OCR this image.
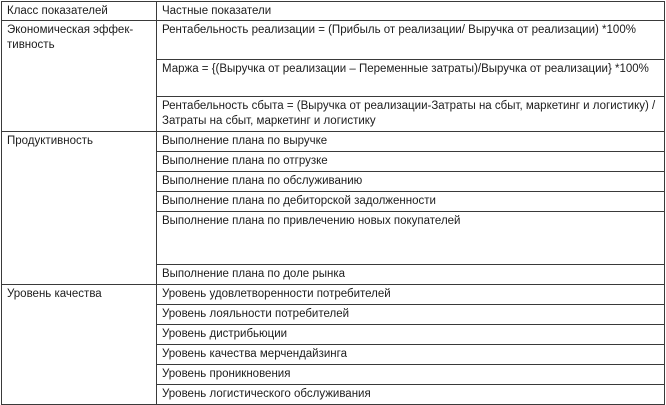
Класс показателей	Частные показатели
Экономическая эффективность	Рентабельность реализации = (Прибыль от реализации/ Выручка от реализации) *100%
	Маржа = {(Выручка от реализации – Переменные затраты)/Выручка от реализации} *100%
	Рентабельность сбыта = (Выручка от реализации-Затраты на сбыт, маркетинг и логистику) / Затраты на сбыт, маркетинг и логистику
Продуктивность	Выполнение плана по выручке
	Выполнение плана по отгрузке
	Выполнение плана по обслуживанию
	Выполнение плана по дебиторской задолженности
	Выполнение плана по привлечению новых покупателей
	Выполнение плана по доле рынка
Уровень качества	Уровень удовлетворенности потребителей
	Уровень лояльности потребителей
	Уровень дистрибьюции
	Уровень качества мерчендайзинга
	Уровень проникновения
	Уровень логистического обслуживания
